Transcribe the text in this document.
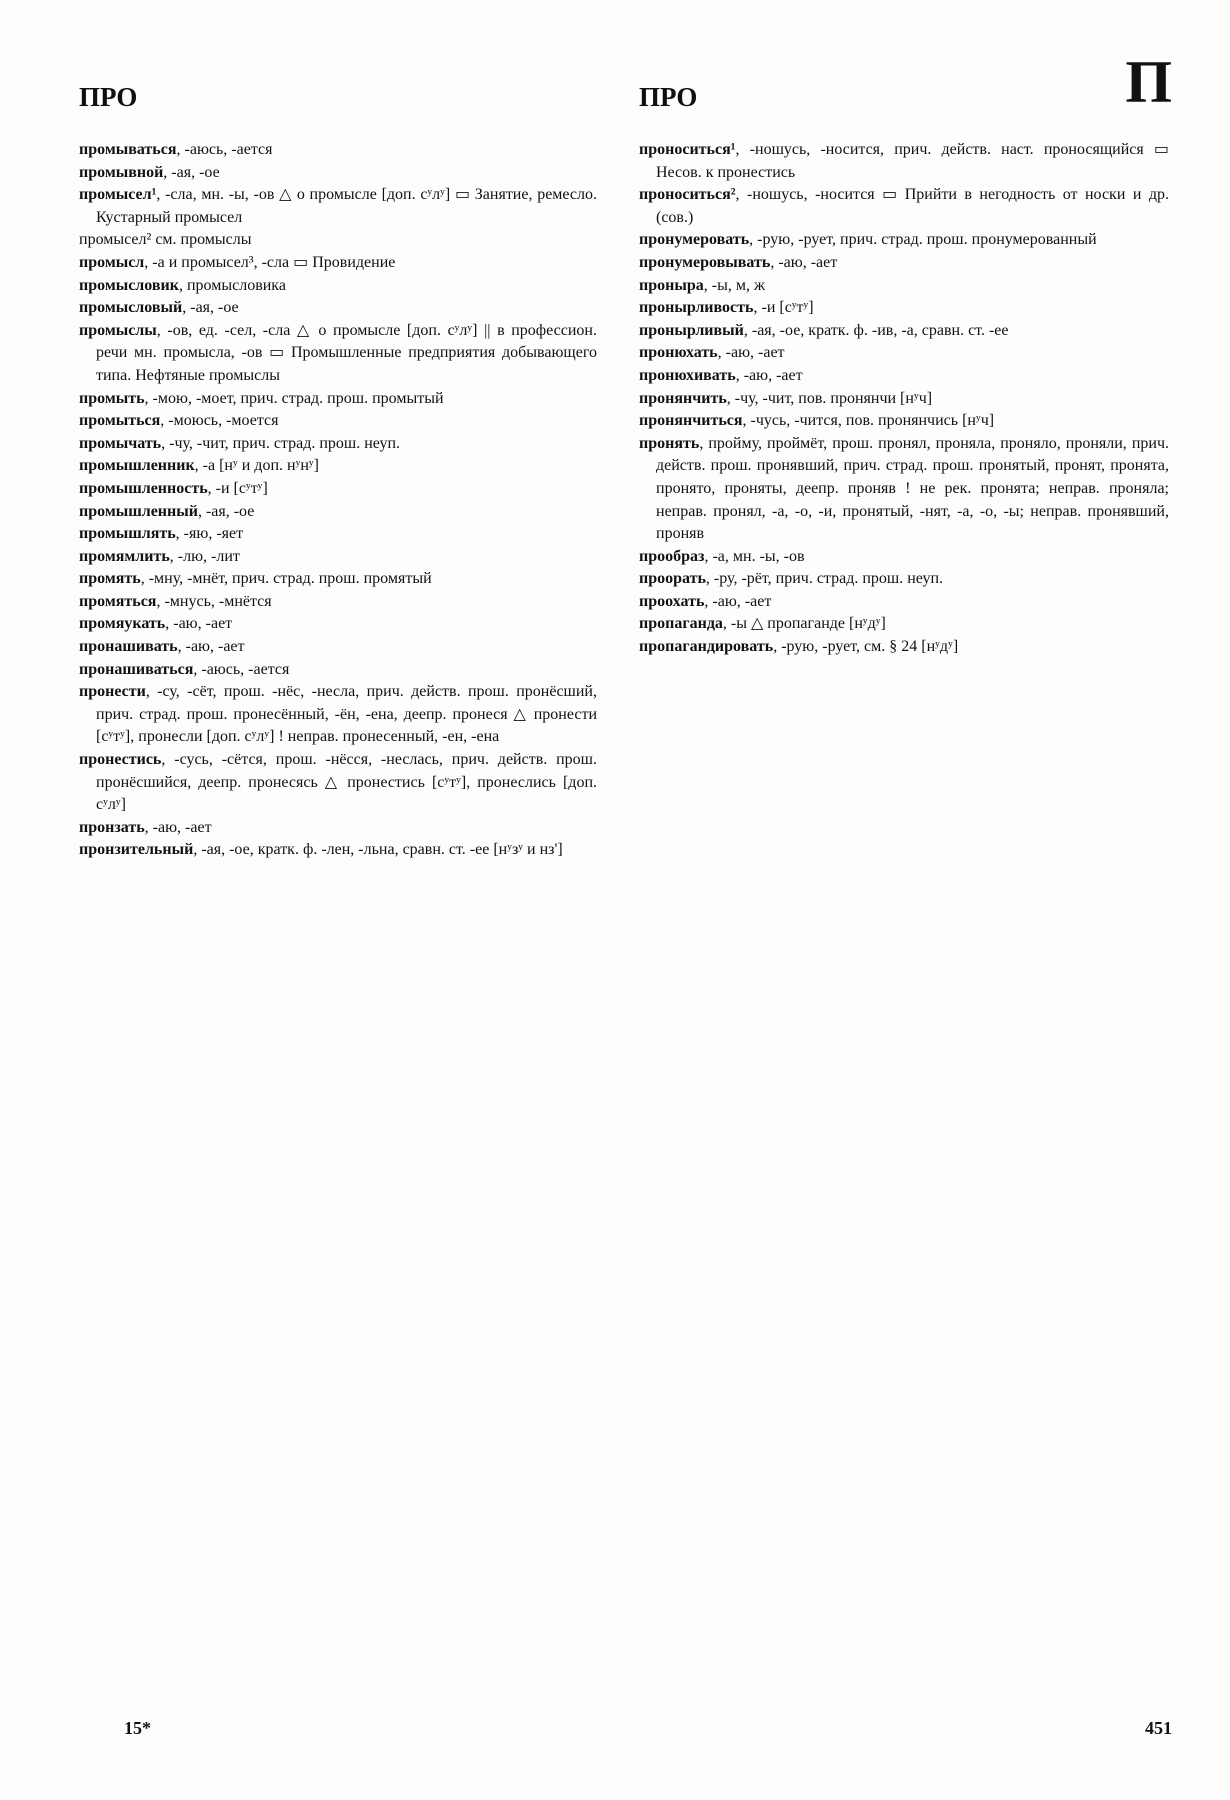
ПРО	ПРО	П
промываться, -аюсь, -ается
промывной, -ая, -ое
промысел¹, -сла, мн. -ы, -ов △ о промысле [доп. сʸлʸ] ▭ Занятие, ремесло. Кустарный промысел
промысел² см. промыслы
промысл, -а и промысел³, -сла ▭ Провидение
промысловик, промысловика
промысловый, -ая, -ое
промыслы, -ов, ед. -сел, -сла △ о промысле [доп. сʸлʸ] || в профессион. речи мн. промысла, -ов ▭ Промышленные предприятия добывающего типа. Нефтяные промыслы
промыть, -мою, -моет, прич. страд. прош. промытый
промыться, -моюсь, -моется
промычать, -чу, -чит, прич. страд. прош. неуп.
промышленник, -а [нʸ и доп. нʸнʸ]
промышленность, -и [сʸтʸ]
промышленный, -ая, -ое
промышлять, -яю, -яет
промямлить, -лю, -лит
промять, -мну, -мнёт, прич. страд. прош. промятый
промяться, -мнусь, -мнётся
промяукать, -аю, -ает
пронашивать, -аю, -ает
пронашиваться, -аюсь, -ается
пронести, -су, -сёт, прош. -нёс, -несла, прич. действ. прош. пронёсший, прич. страд. прош. пронесённый, -ён, -ена, деепр. пронеся △ пронести [сʸтʸ], пронесли [доп. сʸлʸ] ! неправ. пронесенный, -ен, -ена
пронестись, -сусь, -сётся, прош. -нёсся, -неслась, прич. действ. прош. пронёсшийся, деепр. пронесясь △ пронестись [сʸтʸ], пронеслись [доп. сʸлʸ]
пронзать, -аю, -ает
пронзительный, -ая, -ое, кратк. ф. -лен, -льна, сравн. ст. -ее [нʸзʸ и нз']
проноситься¹, -ношусь, -носится, прич. действ. наст. проносящийся ▭ Несов. к пронестись
проноситься², -ношусь, -носится ▭ Прийти в негодность от носки и др. (сов.)
пронумеровать, -рую, -рует, прич. страд. прош. пронумерованный
пронумеровывать, -аю, -ает
пронырa, -ы, м, ж
пронырливость, -и [сʸтʸ]
пронырливый, -ая, -ое, кратк. ф. -ив, -а, сравн. ст. -ее
пронюхать, -аю, -ает
пронюхивать, -аю, -ает
пронянчить, -чу, -чит, пов. пронянчи [нʸч]
пронянчиться, -чусь, -чится, пов. пронянчись [нʸч]
пронять, пройму, проймёт, прош. пронял, проняла, проняло, проняли, прич. действ. прош. пронявший, прич. страд. прош. пронятый, пронят, пронята, пронято, проняты, деепр. проняв ! не рек. пронята; неправ. проняла; неправ. пронял, -а, -о, -и, пронятый, -нят, -а, -о, -ы; неправ. пронявший, проняв
прообраз, -а, мн. -ы, -ов
проорать, -ру, -рёт, прич. страд. прош. неуп.
проохать, -аю, -ает
пропаганда, -ы △ пропаганде [нʸдʸ]
пропагандировать, -рую, -рует, см. § 24 [нʸдʸ]
15*	451
